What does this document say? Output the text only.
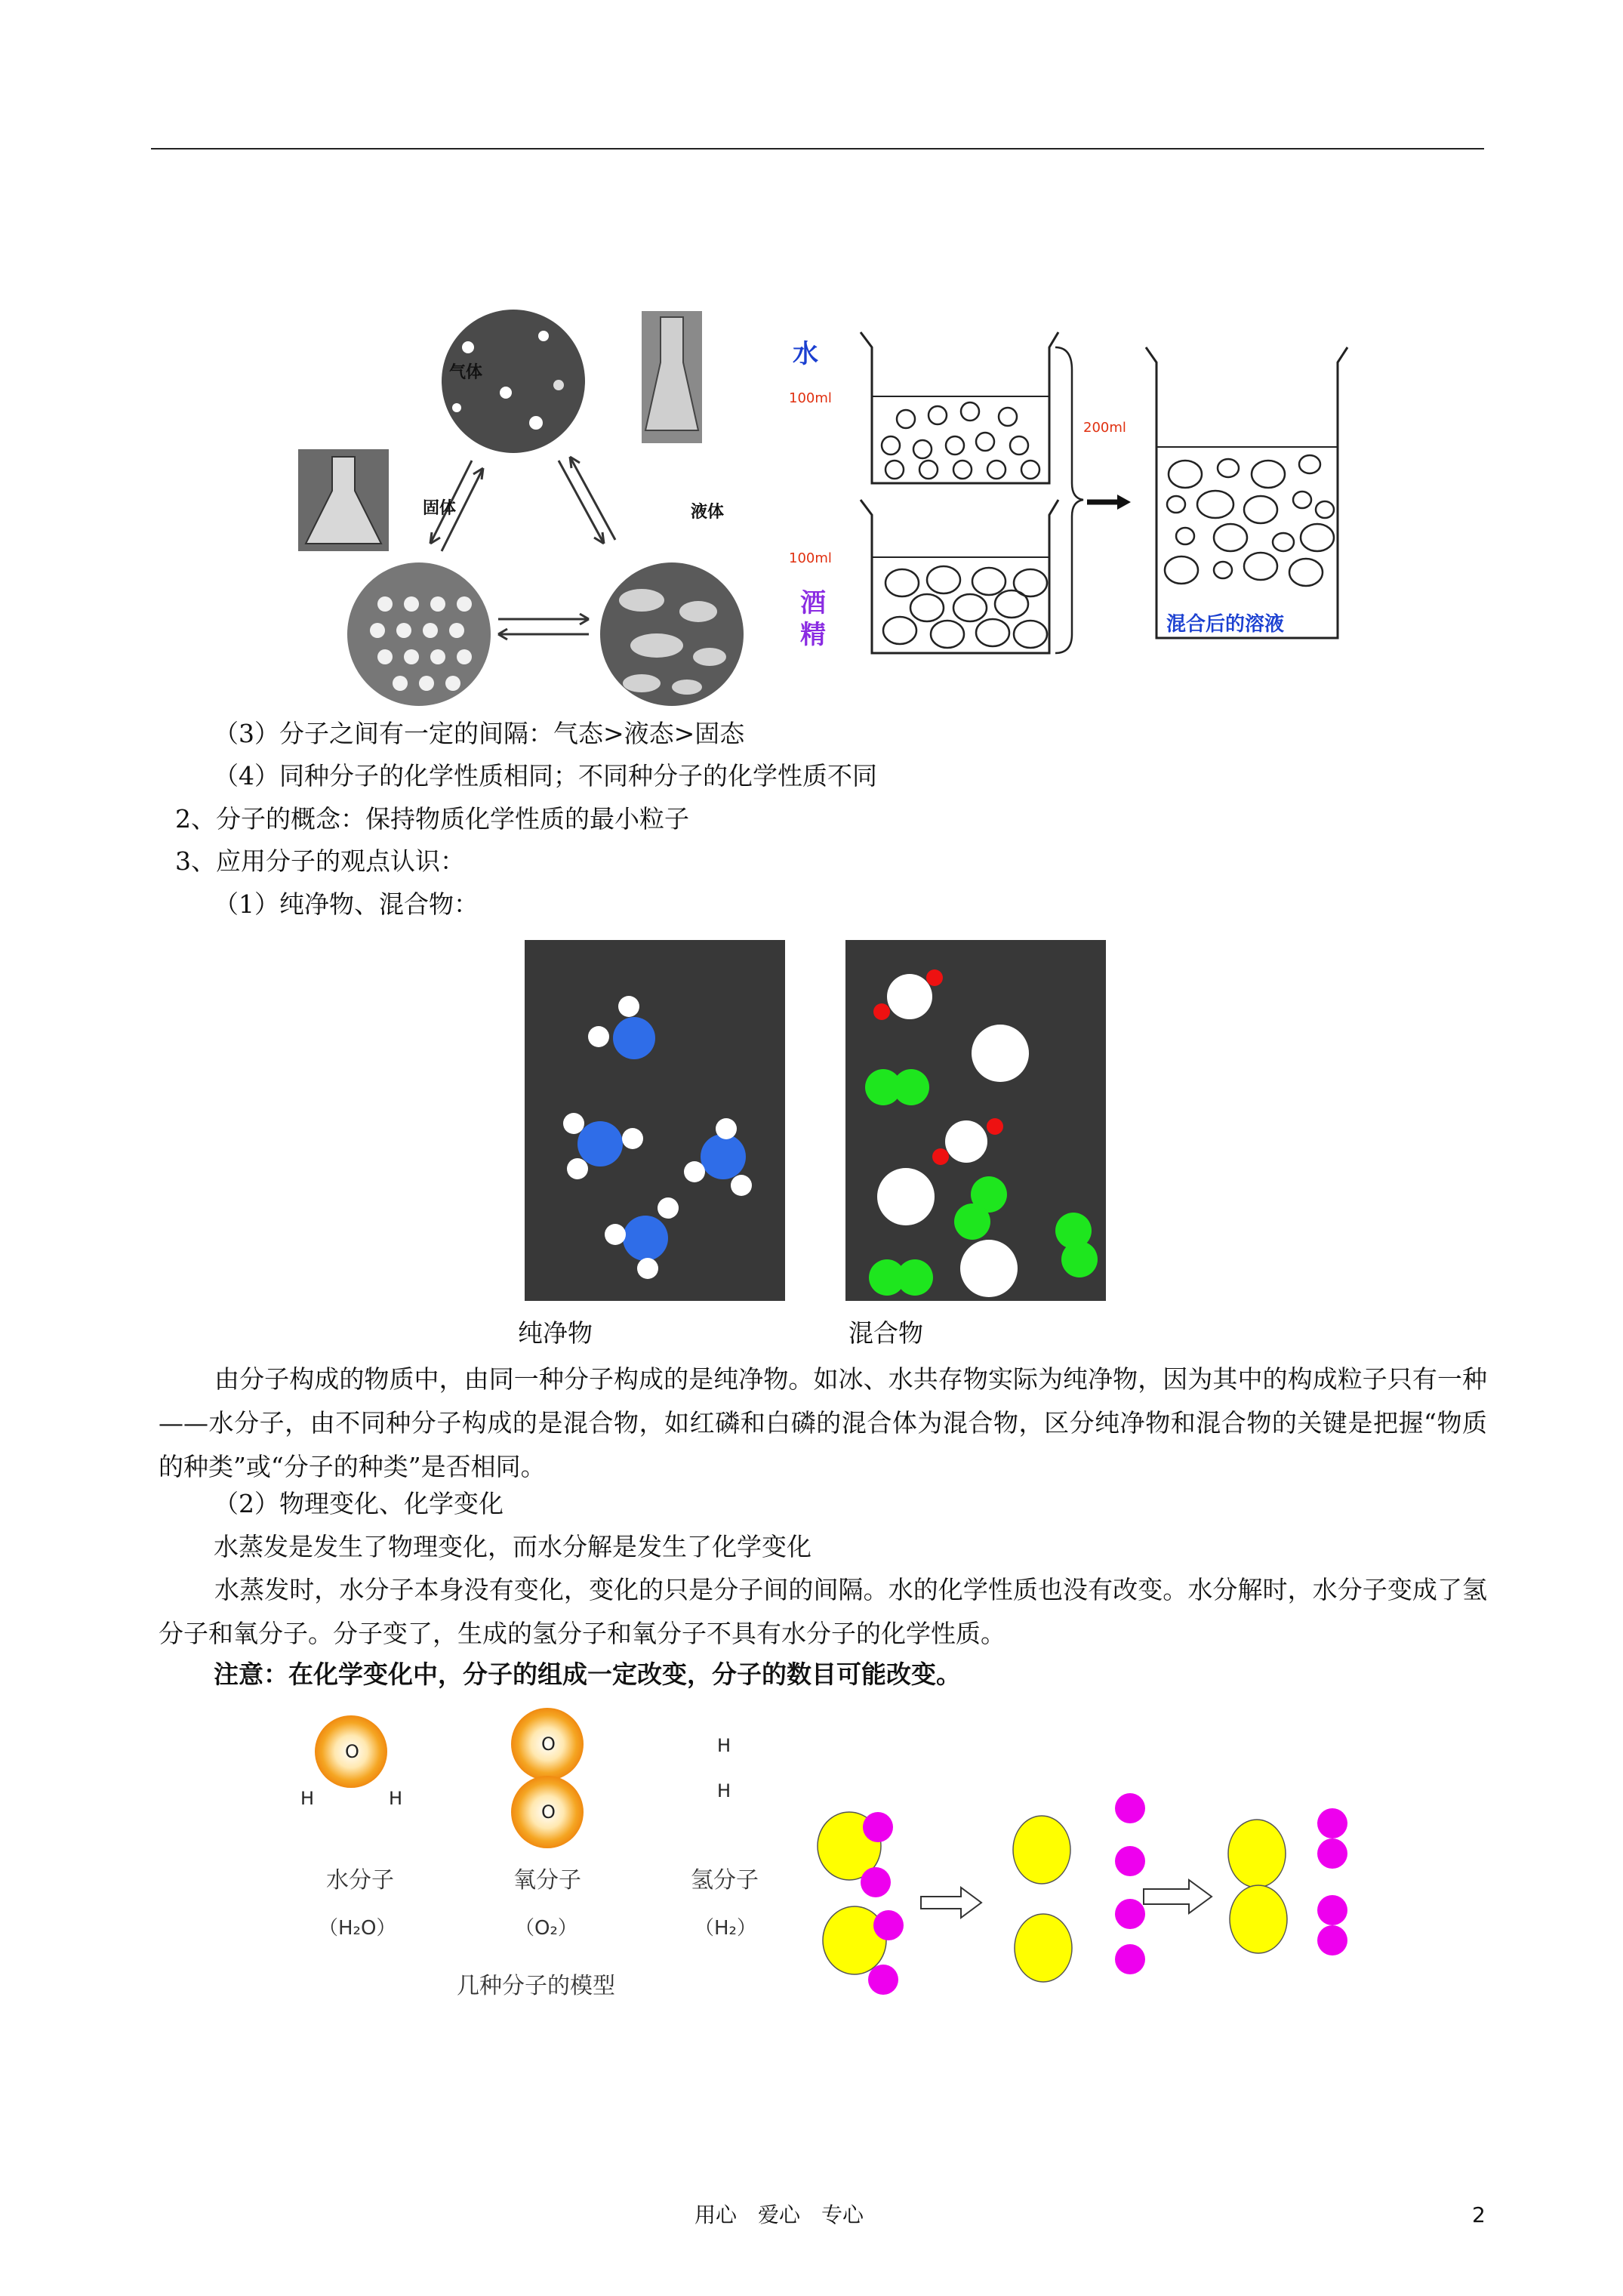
气体
固体	液体
水
酒
精
100ml
100ml
200ml
混合后的溶液
（3）分子之间有一定的间隔：气态>液态>固态
（4）同种分子的化学性质相同；不同种分子的化学性质不同
2、分子的概念：保持物质化学性质的最小粒子
3、应用分子的观点认识：
（1）纯净物、混合物：
纯净物	混合物
由分子构成的物质中，由同一种分子构成的是纯净物。如冰、水共存物实际为纯净物，因为其中的构成粒子只有一种——水分子，由不同种分子构成的是混合物，如红磷和白磷的混合体为混合物，区分纯净物和混合物的关键是把握“物质的种类”或“分子的种类”是否相同。
（2）物理变化、化学变化
水蒸发是发生了物理变化，而水分解是发生了化学变化
水蒸发时，水分子本身没有变化，变化的只是分子间的间隔。水的化学性质也没有改变。水分解时，水分子变成了氢分子和氧分子。分子变了，生成的氢分子和氧分子不具有水分子的化学性质。
注意：在化学变化中，分子的组成一定改变，分子的数目可能改变。
O
H	H
O
O
H
H
水分子	氧分子	氢分子
（H₂O）	（O₂）	（H₂）
几种分子的模型
用心　爱心　专心	2
